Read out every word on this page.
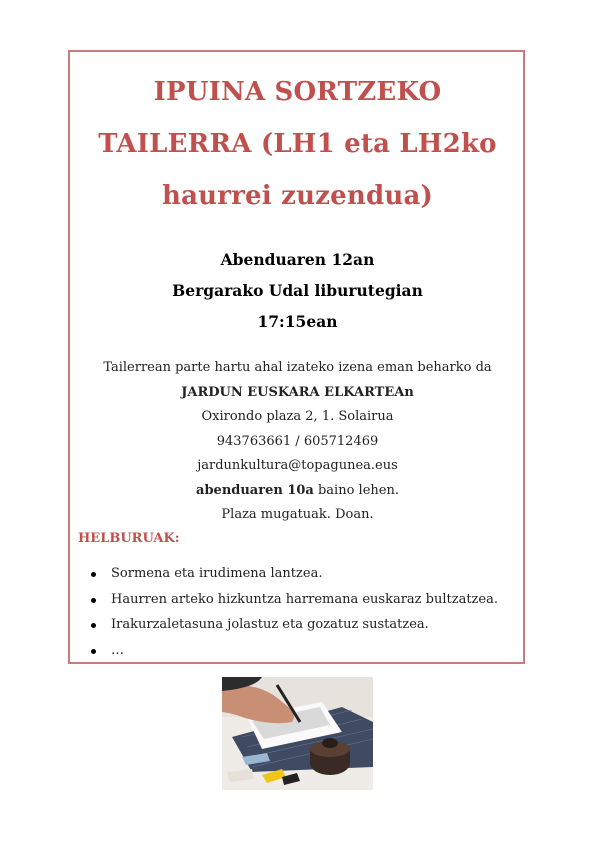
IPUINA SORTZEKO
TAILERRA (LH1 eta LH2ko
haurrei zuzendua)
Abenduaren 12an
Bergarako Udal liburutegian
17:15ean
Tailerrean parte hartu ahal izateko izena eman beharko da
JARDUN EUSKARA ELKARTEAn
Oxirondo plaza 2, 1. Solairua
943763661 / 605712469
jardunkultura@topagunea.eus
abenduaren 10a baino lehen.
Plaza mugatuak. Doan.
HELBURUAK:
Sormena eta irudimena lantzea.
Haurren arteko hizkuntza harremana euskaraz bultzatzea.
Irakurzaletasuna jolastuz eta gozatuz sustatzea.
…
